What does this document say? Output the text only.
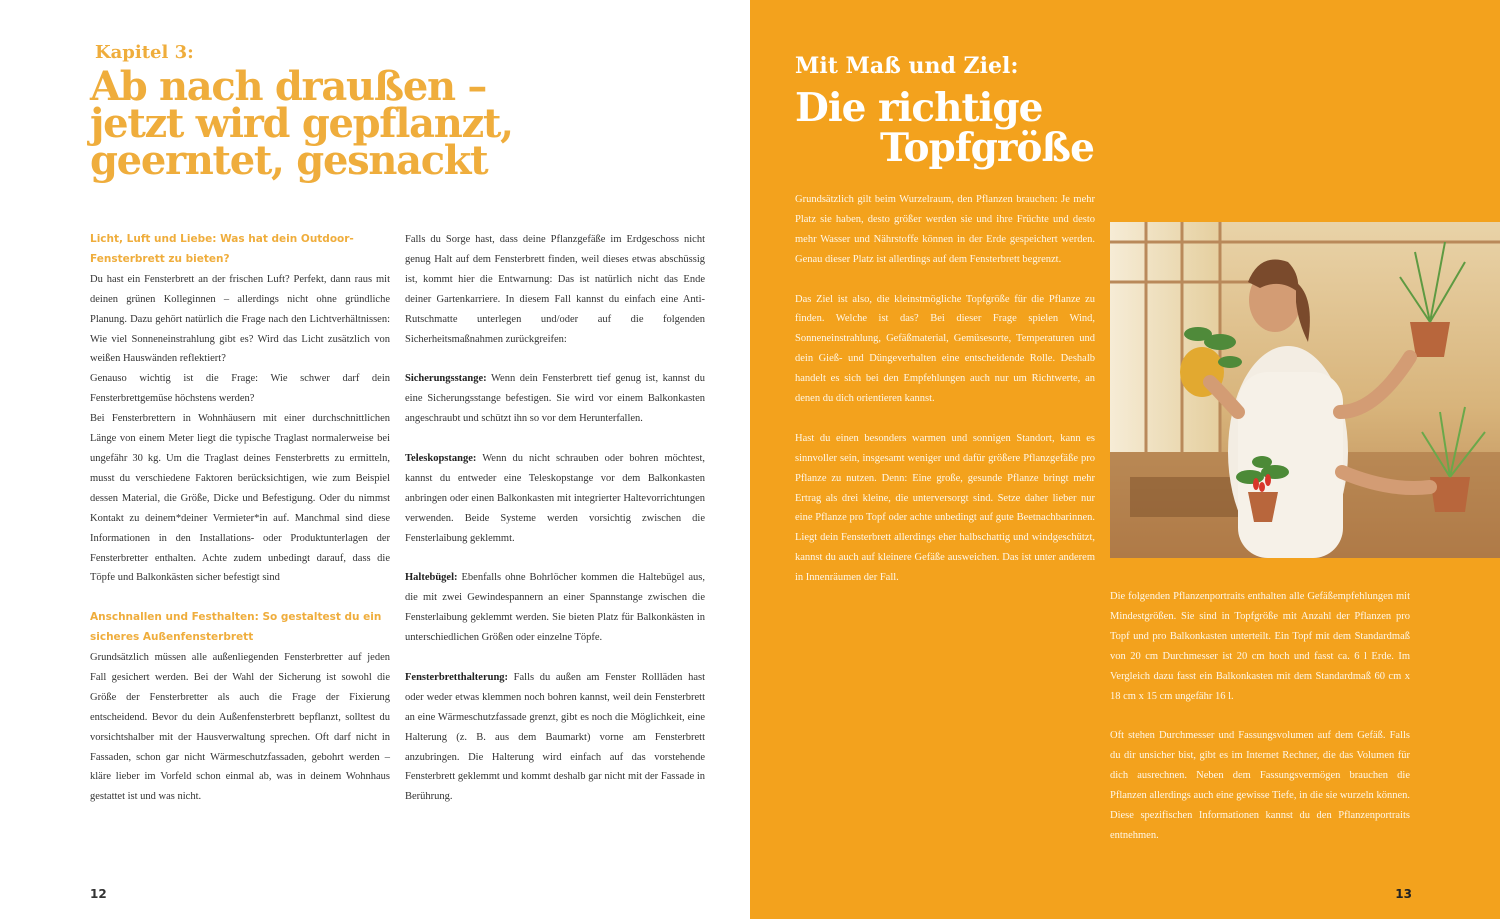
Kapitel 3:
Ab nach draußen –
jetzt wird gepflanzt,
geerntet, gesnackt

Licht, Luft und Liebe: Was hat dein Outdoor-Fensterbrett zu bieten?

Du hast ein Fensterbrett an der frischen Luft? Perfekt, dann raus mit deinen grünen Kolleginnen – allerdings nicht ohne gründliche Planung. Dazu gehört natürlich die Frage nach den Lichtverhältnissen: Wie viel Sonneneinstrahlung gibt es? Wird das Licht zusätzlich von weißen Hauswänden reflektiert?

Genauso wichtig ist die Frage: Wie schwer darf dein Fensterbrettgemüse höchstens werden?

Bei Fensterbrettern in Wohnhäusern mit einer durchschnittlichen Länge von einem Meter liegt die typische Traglast normalerweise bei ungefähr 30 kg. Um die Traglast deines Fensterbretts zu ermitteln, musst du verschiedene Faktoren berücksichtigen, wie zum Beispiel dessen Material, die Größe, Dicke und Befestigung. Oder du nimmst Kontakt zu deinem*deiner Vermieter*in auf. Manchmal sind diese Informationen in den Installations- oder Produktunterlagen der Fensterbretter enthalten. Achte zudem unbedingt darauf, dass die Töpfe und Balkonkästen sicher befestigt sind

Anschnallen und Festhalten: So gestaltest du ein sicheres Außenfensterbrett

Grundsätzlich müssen alle außenliegenden Fensterbretter auf jeden Fall gesichert werden. Bei der Wahl der Sicherung ist sowohl die Größe der Fensterbretter als auch die Frage der Fixierung entscheidend. Bevor du dein Außenfensterbrett bepflanzt, solltest du vorsichtshalber mit der Hausverwaltung sprechen. Oft darf nicht in Fassaden, schon gar nicht Wärmeschutzfassaden, gebohrt werden – kläre lieber im Vorfeld schon einmal ab, was in deinem Wohnhaus gestattet ist und was nicht.

Falls du Sorge hast, dass deine Pflanzgefäße im Erdgeschoss nicht genug Halt auf dem Fensterbrett finden, weil dieses etwas abschüssig ist, kommt hier die Entwarnung: Das ist natürlich nicht das Ende deiner Gartenkarriere. In diesem Fall kannst du einfach eine Anti-Rutschmatte unterlegen und/oder auf die folgenden Sicherheitsmaßnahmen zurückgreifen:

Sicherungsstange: Wenn dein Fensterbrett tief genug ist, kannst du eine Sicherungsstange befestigen. Sie wird vor einem Balkonkasten angeschraubt und schützt ihn so vor dem Herunterfallen.

Teleskopstange: Wenn du nicht schrauben oder bohren möchtest, kannst du entweder eine Teleskopstange vor dem Balkonkasten anbringen oder einen Balkonkasten mit integrierter Haltevorrichtungen verwenden. Beide Systeme werden vorsichtig zwischen die Fensterlaibung geklemmt.

Haltebügel: Ebenfalls ohne Bohrlöcher kommen die Haltebügel aus, die mit zwei Gewindespannern an einer Spannstange zwischen die Fensterlaibung geklemmt werden. Sie bieten Platz für Balkonkästen in unterschiedlichen Größen oder einzelne Töpfe.

Fensterbretthalterung: Falls du außen am Fenster Rollläden hast oder weder etwas klemmen noch bohren kannst, weil dein Fensterbrett an eine Wärmeschutzfassade grenzt, gibt es noch die Möglichkeit, eine Halterung (z. B. aus dem Baumarkt) vorne am Fensterbrett anzubringen. Die Halterung wird einfach auf das vorstehende Fensterbrett geklemmt und kommt deshalb gar nicht mit der Fassade in Berührung.

12
Mit Maß und Ziel:
Die richtige
Topfgröße

Grundsätzlich gilt beim Wurzelraum, den Pflanzen brauchen: Je mehr Platz sie haben, desto größer werden sie und ihre Früchte und desto mehr Wasser und Nährstoffe können in der Erde gespeichert werden. Genau dieser Platz ist allerdings auf dem Fensterbrett begrenzt.

Das Ziel ist also, die kleinstmögliche Topfgröße für die Pflanze zu finden. Welche ist das? Bei dieser Frage spielen Wind, Sonneneinstrahlung, Gefäßmaterial, Gemüsesorte, Temperaturen und dein Gieß- und Düngeverhalten eine entscheidende Rolle. Deshalb handelt es sich bei den Empfehlungen auch nur um Richtwerte, an denen du dich orientieren kannst.

Hast du einen besonders warmen und sonnigen Standort, kann es sinnvoller sein, insgesamt weniger und dafür größere Pflanzgefäße pro Pflanze zu nutzen. Denn: Eine große, gesunde Pflanze bringt mehr Ertrag als drei kleine, die unterversorgt sind. Setze daher lieber nur eine Pflanze pro Topf oder achte unbedingt auf gute Beetnachbarinnen. Liegt dein Fensterbrett allerdings eher halbschattig und windgeschützt, kannst du auch auf kleinere Gefäße ausweichen. Das ist unter anderem in Innenräumen der Fall.

Die folgenden Pflanzenportraits enthalten alle Gefäßempfehlungen mit Mindestgrößen. Sie sind in Topfgröße mit Anzahl der Pflanzen pro Topf und pro Balkonkasten unterteilt. Ein Topf mit dem Standardmaß von 20 cm Durchmesser ist 20 cm hoch und fasst ca. 6 l Erde. Im Vergleich dazu fasst ein Balkonkasten mit dem Standardmaß 60 cm x 18 cm x 15 cm ungefähr 16 l.

Oft stehen Durchmesser und Fassungsvolumen auf dem Gefäß. Falls du dir unsicher bist, gibt es im Internet Rechner, die das Volumen für dich ausrechnen. Neben dem Fassungsvermögen brauchen die Pflanzen allerdings auch eine gewisse Tiefe, in die sie wurzeln können. Diese spezifischen Informationen kannst du den Pflanzenportraits entnehmen.

13
